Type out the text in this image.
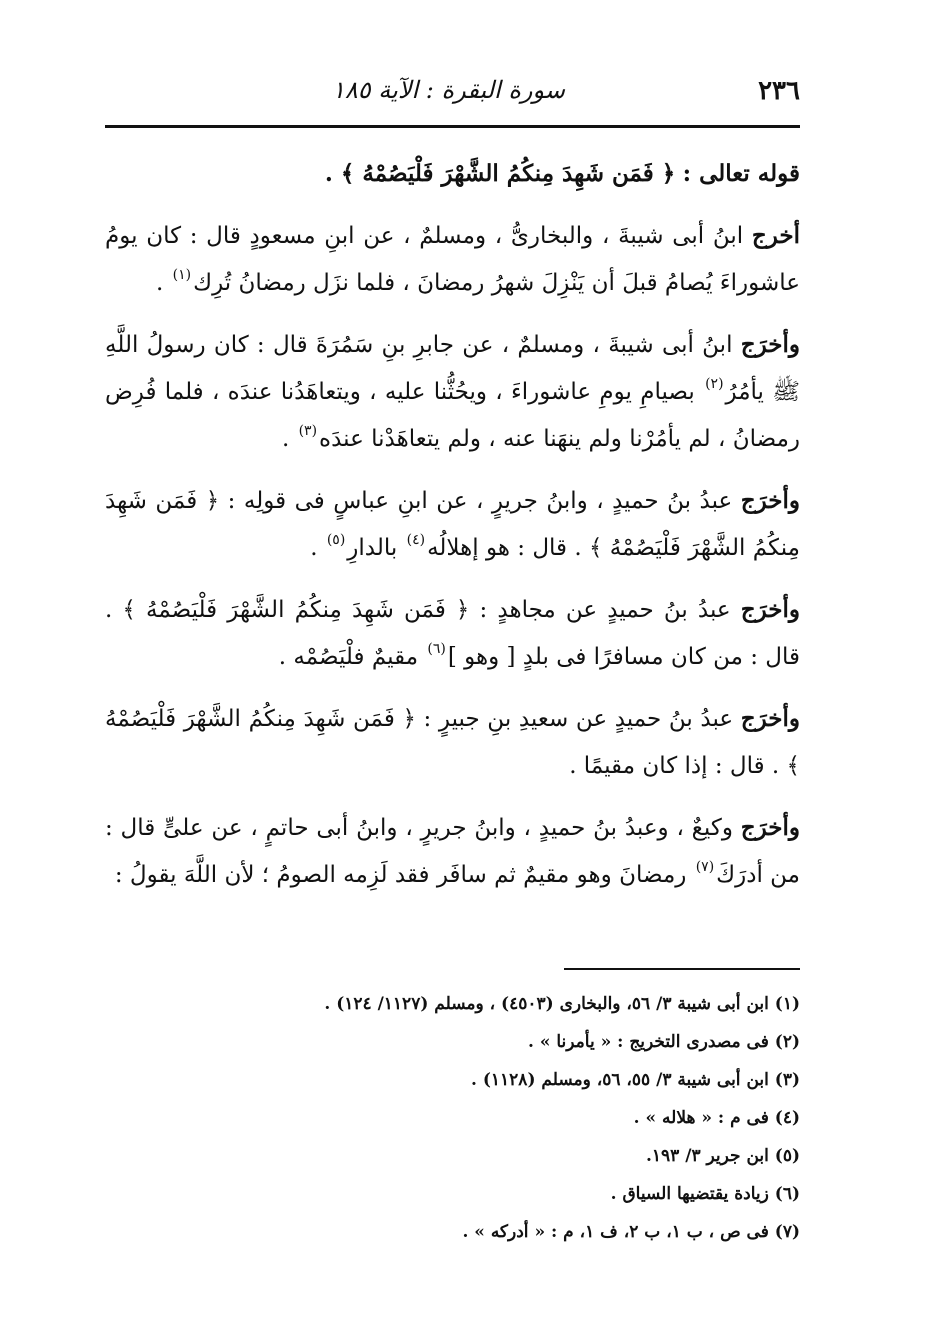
٢٣٦
سورة البقرة : الآية ١٨٥

قوله تعالى : ﴿ فَمَن شَهِدَ مِنكُمُ الشَّهْرَ فَلْيَصُمْهُ ﴾ .

أخرج ابنُ أبى شيبةَ ، والبخارىُّ ، ومسلمٌ ، عن ابنِ مسعودٍ قال : كان يومُ عاشوراءَ يُصامُ قبلَ أن يَنْزِلَ شهرُ رمضانَ ، فلما نزَل رمضانُ تُرِك$^{(١)}$ .

وأخرَج ابنُ أبى شيبةَ ، ومسلمٌ ، عن جابرِ بنِ سَمُرَةَ قال : كان رسولُ اللَّهِ ﷺ يأمُرُ$^{(٢)}$ بصيامِ يومِ عاشوراءَ ، ويحُثُّنا عليه ، ويتعاهَدُنا عندَه ، فلما فُرِض رمضانُ ، لم يأمُرْنا ولم ينهَنا عنه ، ولم يتعاهَدْنا عندَه$^{(٣)}$ .

وأخرَج عبدُ بنُ حميدٍ ، وابنُ جريرٍ ، عن ابنِ عباسٍ فى قولِه : ﴿ فَمَن شَهِدَ مِنكُمُ الشَّهْرَ فَلْيَصُمْهُ ﴾ . قال : هو إهلالُه$^{(٤)}$ بالدارِ$^{(٥)}$ .

وأخرَج عبدُ بنُ حميدٍ عن مجاهدٍ : ﴿ فَمَن شَهِدَ مِنكُمُ الشَّهْرَ فَلْيَصُمْهُ ﴾ . قال : من كان مسافرًا فى بلدٍ [ وهو ]$^{(٦)}$ مقيمٌ فلْيَصُمْه .

وأخرَج عبدُ بنُ حميدٍ عن سعيدِ بنِ جبيرٍ : ﴿ فَمَن شَهِدَ مِنكُمُ الشَّهْرَ فَلْيَصُمْهُ ﴾ . قال : إذا كان مقيمًا .

وأخرَج وكيعٌ ، وعبدُ بنُ حميدٍ ، وابنُ جريرٍ ، وابنُ أبى حاتمٍ ، عن علىٍّ قال : من أدرَكَ$^{(٧)}$ رمضانَ وهو مقيمٌ ثم سافَر فقد لَزِمه الصومُ ؛ لأن اللَّهَ يقولُ :

(١) ابن أبى شيبة ٣/ ٥٦، والبخارى (٤٥٠٣) ، ومسلم (١١٢٧/ ١٢٤) .

(٢) فى مصدرى التخريج : « يأمرنا » .

(٣) ابن أبى شيبة ٣/ ٥٥، ٥٦، ومسلم (١١٢٨) .

(٤) فى م : « هلاله » .

(٥) ابن جرير ٣/ ١٩٣.

(٦) زيادة يقتضيها السياق .

(٧) فى ص ، ب ١، ب ٢، ف ١، م : « أدركه » .
